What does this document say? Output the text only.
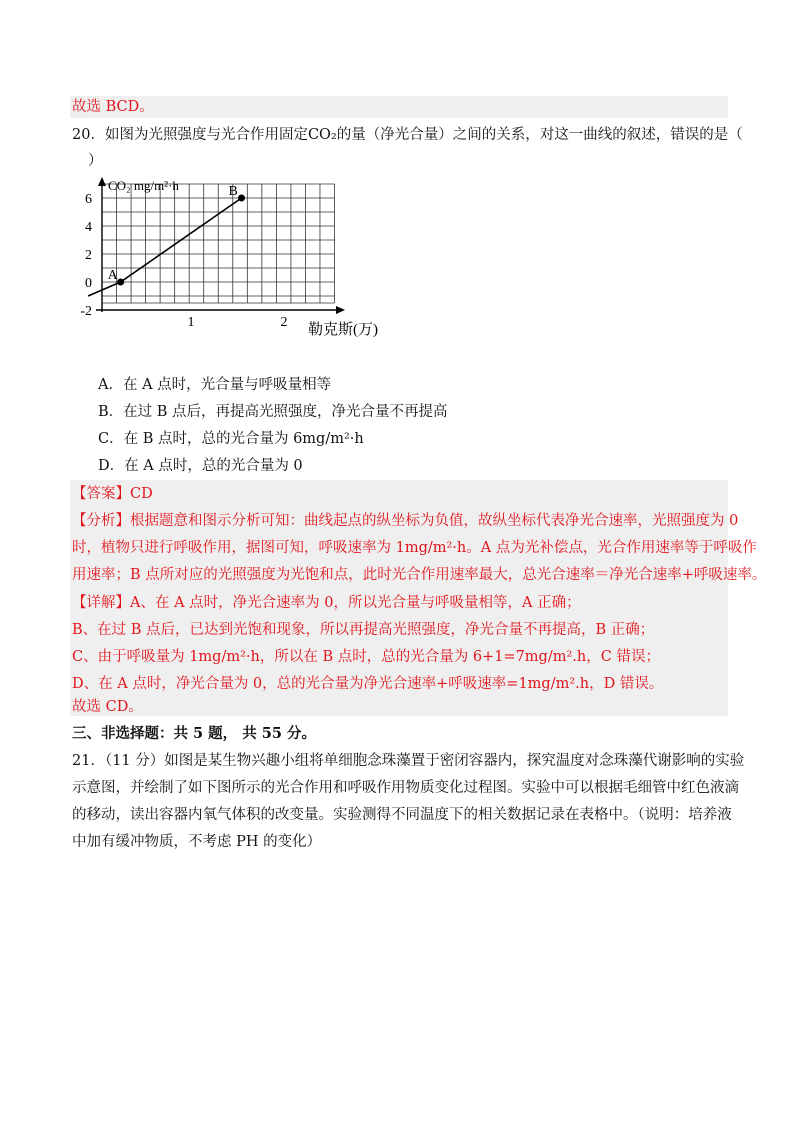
故选 BCD。
20．如图为光照强度与光合作用固定CO₂的量（净光合量）之间的关系，对这一曲线的叙述，错误的是（
）
6
4
2
0
-2
1	2
CO₂ mg/m²·h
勒克斯(万)
A
B
A．在 A 点时，光合量与呼吸量相等
B．在过 B 点后，再提高光照强度，净光合量不再提高
C．在 B 点时，总的光合量为 6mg/m²·h
D．在 A 点时，总的光合量为 0
【答案】CD
【分析】根据题意和图示分析可知：曲线起点的纵坐标为负值，故纵坐标代表净光合速率，光照强度为 0
时，植物只进行呼吸作用，据图可知，呼吸速率为 1mg/m²·h。A 点为光补偿点，光合作用速率等于呼吸作
用速率；B 点所对应的光照强度为光饱和点，此时光合作用速率最大，总光合速率＝净光合速率+呼吸速率。
【详解】A、在 A 点时，净光合速率为 0，所以光合量与呼吸量相等，A 正确；
B、在过 B 点后，已达到光饱和现象，所以再提高光照强度，净光合量不再提高，B 正确；
C、由于呼吸量为 1mg/m²·h，所以在 B 点时，总的光合量为 6+1=7mg/m².h，C 错误；
D、在 A 点时，净光合量为 0，总的光合量为净光合速率+呼吸速率=1mg/m².h，D 错误。
故选 CD。
三、非选择题：共 5 题， 共 55 分。
21．（11 分）如图是某生物兴趣小组将单细胞念珠藻置于密闭容器内，探究温度对念珠藻代谢影响的实验
示意图，并绘制了如下图所示的光合作用和呼吸作用物质变化过程图。实验中可以根据毛细管中红色液滴
的移动，读出容器内氧气体积的改变量。实验测得不同温度下的相关数据记录在表格中。（说明：培养液
中加有缓冲物质，不考虑 PH 的变化）
